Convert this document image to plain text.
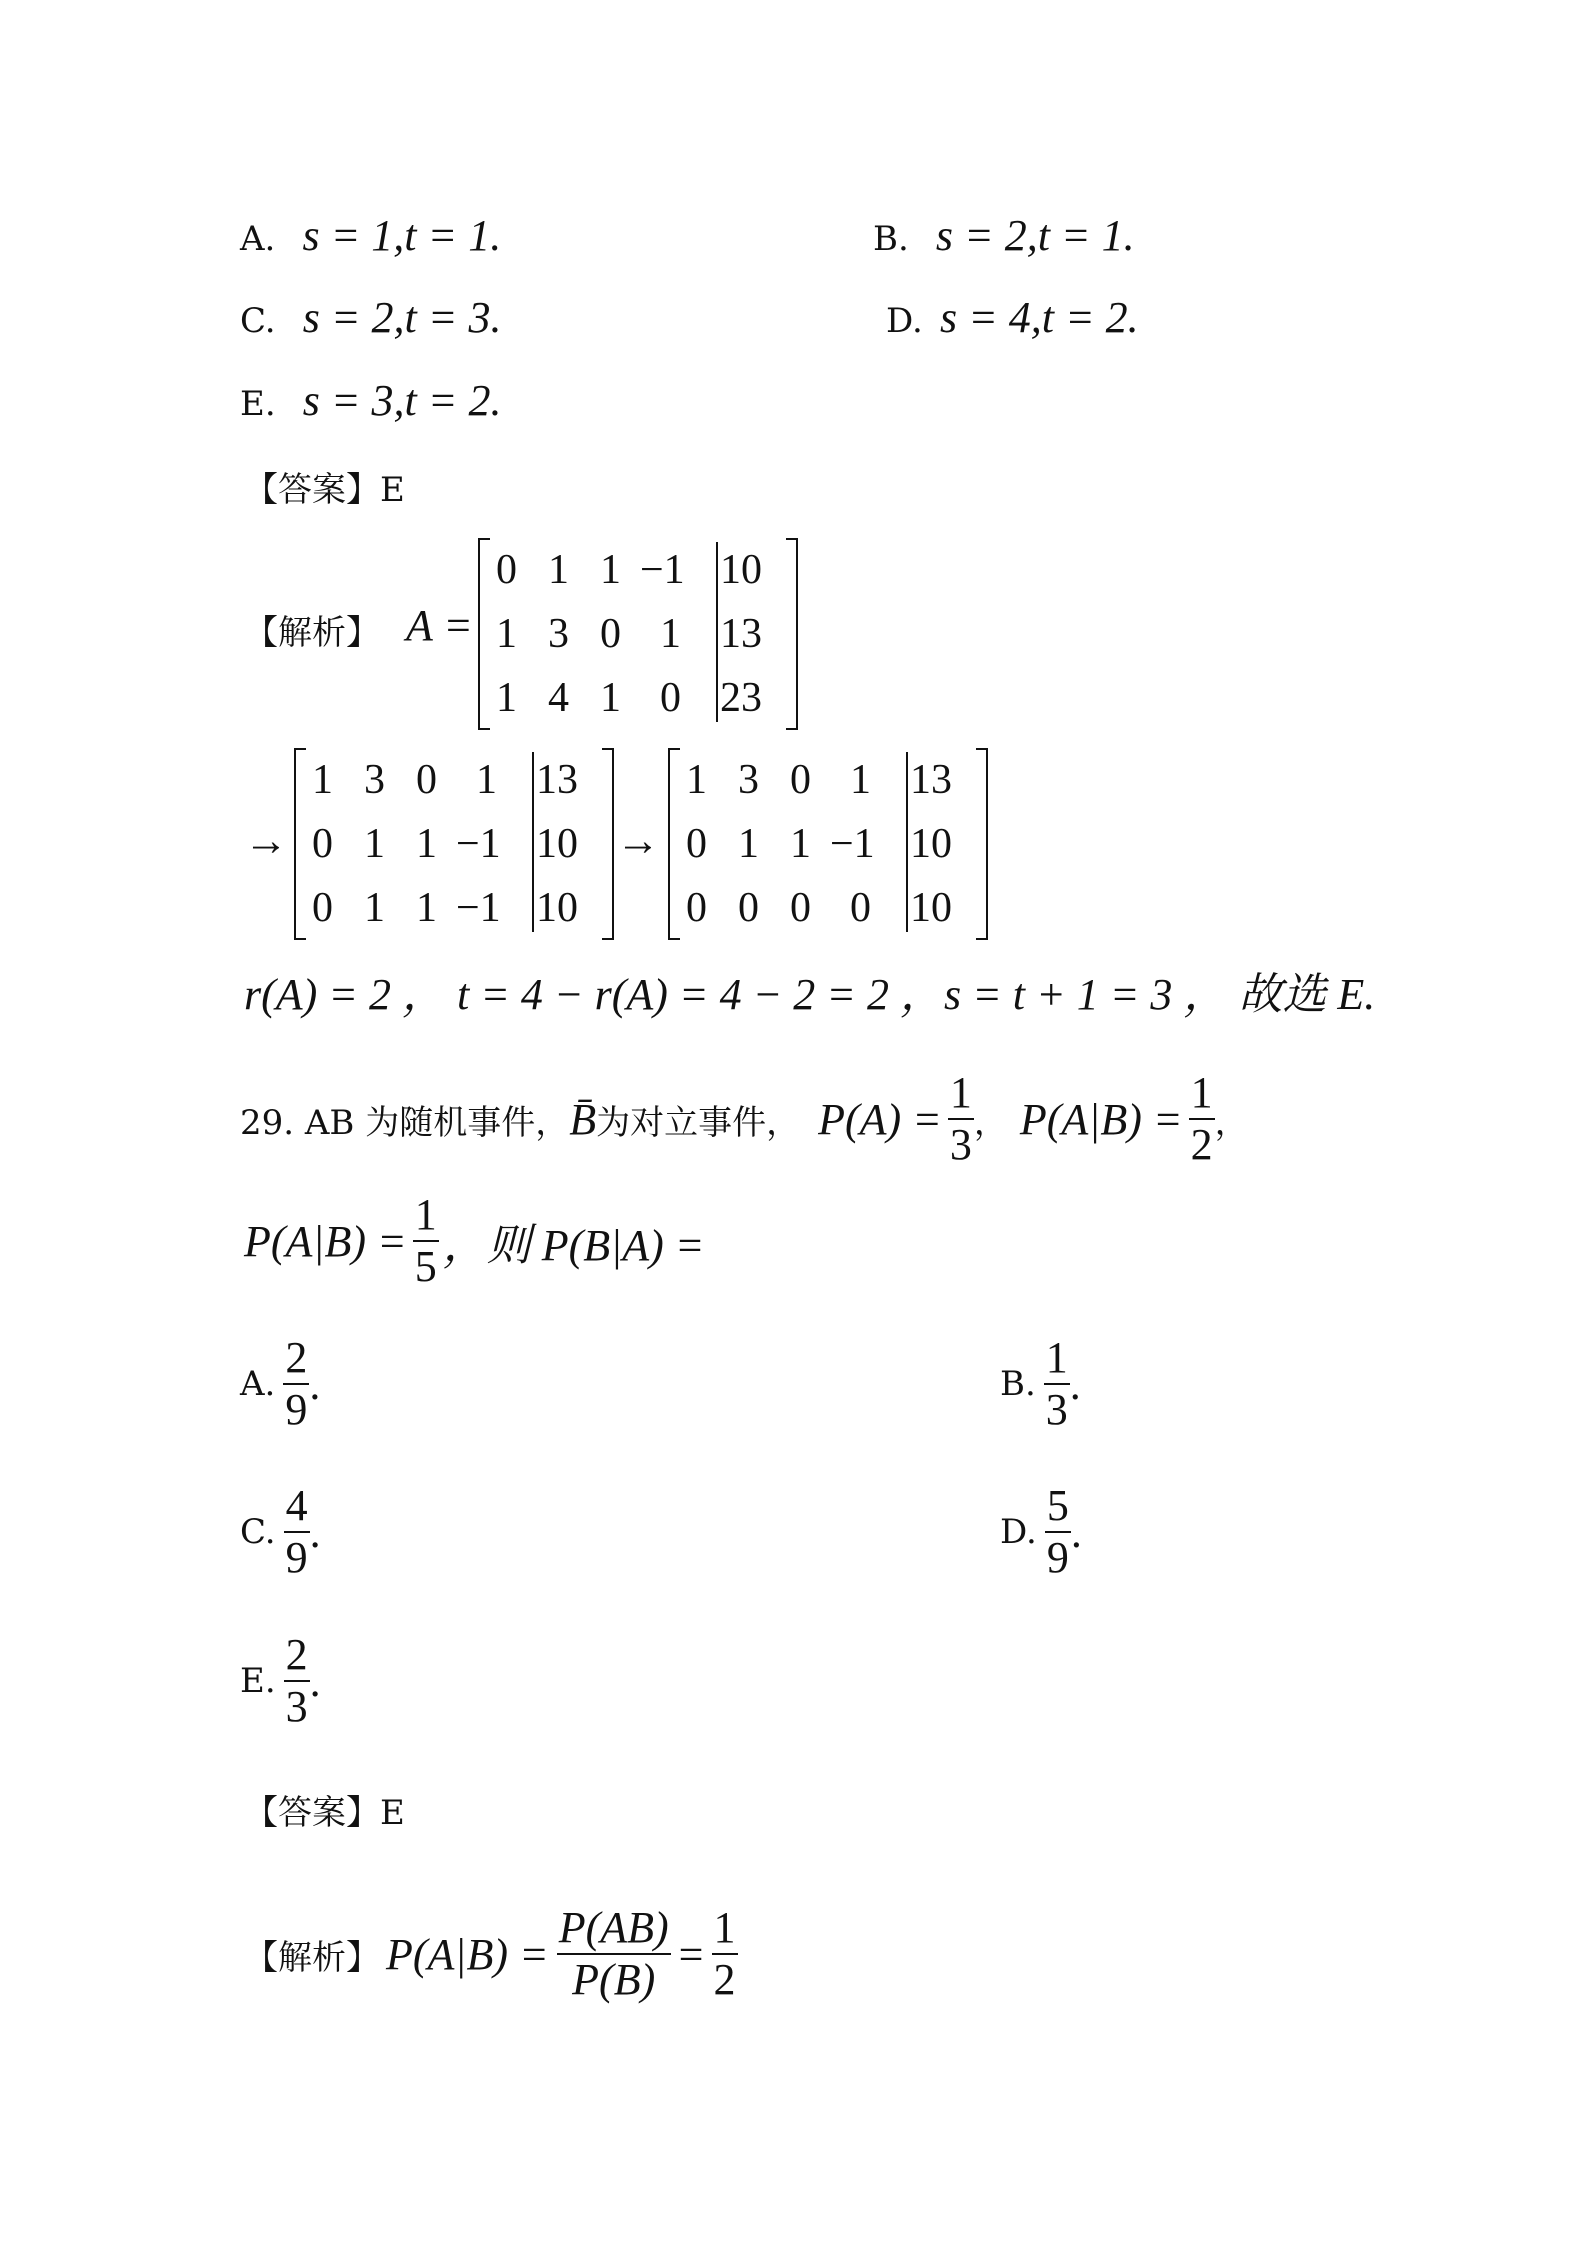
A. s = 1,t = 1.	B. s = 2,t = 1.
C. s = 2,t = 3.	D. s = 4,t = 2.
E. s = 3,t = 2.
【答案】E
【解析】 A =
0 1 1 −1 10
1 3 0 1 13
1 4 1 0 23
→
1 3 0 1 13
0 1 1 −1 10
0 1 1 −1 10
→
1 3 0 1 13
0 1 1 −1 10
0 0 0 0 10
r(A) = 2 ， t = 4 − r(A) = 4 − 2 = 2 ，s = t + 1 = 3 ， 故选 E.
29. AB 为随机事件， B̄ 为对立事件， $P(A) = \frac{1}{3}$ ， $P(A|B) = \frac{1}{2}$ ，
$P(A|B) = \frac{1}{5}$ ，则 P(B|A) =
A. $\frac{2}{9}$ .	B. $\frac{1}{3}$ .
C. $\frac{4}{9}$ .	D. $\frac{5}{9}$ .
E. $\frac{2}{3}$ .
【答案】E
【解析】 $P(A|B) = \frac{P(AB)}{P(B)} = \frac{1}{2}$
